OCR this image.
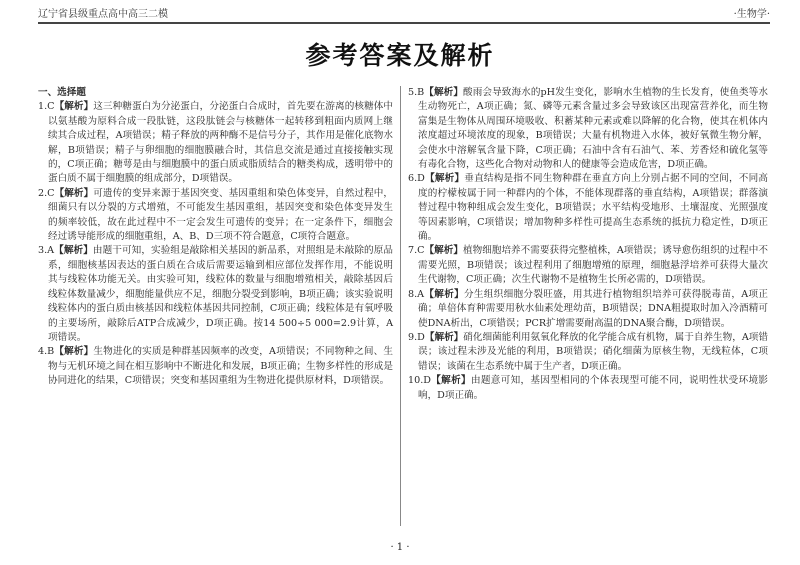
辽宁省县级重点高中高三二模	·生物学·
参考答案及解析
一、选择题

1.C【解析】这三种糖蛋白为分泌蛋白，分泌蛋白合成时，首先要在游离的核糖体中以氨基酸为原料合成一段肽链，这段肽链会与核糖体一起转移到粗面内质网上继续其合成过程，A项错误；精子释放的两种酶不是信号分子，其作用是催化底物水解，B项错误；精子与卵细胞的细胞膜融合时，其信息交流是通过直接接触实现的，C项正确；糖萼是由与细胞膜中的蛋白质或脂质结合的糖类构成，透明带中的蛋白质不属于细胞膜的组成部分，D项错误。

2.C【解析】可遗传的变异来源于基因突变、基因重组和染色体变异，自然过程中，细菌只有以分裂的方式增殖，不可能发生基因重组，基因突变和染色体变异发生的频率较低，故在此过程中不一定会发生可遗传的变异；在一定条件下，细胞会经过诱导能形成的细胞重组，A、B、D三项不符合题意，C项符合题意。

3.A【解析】由题干可知，实验组是敲除相关基因的新品系，对照组是未敲除的原品系，细胞核基因表达的蛋白质在合成后需要运输到相应部位发挥作用，不能说明其与线粒体功能无关。由实验可知，线粒体的数量与细胞增殖相关，敲除基因后线粒体数量减少，细胞能量供应不足，细胞分裂受到影响，B项正确；该实验说明线粒体内的蛋白质由核基因和线粒体基因共同控制，C项正确；线粒体是有氧呼吸的主要场所，敲除后ATP合成减少，D项正确。按14 500÷5 000=2.9计算，A项错误。

4.B【解析】生物进化的实质是种群基因频率的改变，A项错误；不同物种之间、生物与无机环境之间在相互影响中不断进化和发展，B项正确；生物多样性的形成是协同进化的结果，C项错误；突变和基因重组为生物进化提供原材料，D项错误。

5.B【解析】酸雨会导致海水的pH发生变化，影响水生植物的生长发育，使鱼类等水生动物死亡，A项正确；氮、磷等元素含量过多会导致该区出现富营养化，而生物富集是生物体从周围环境吸收、积蓄某种元素或难以降解的化合物，使其在机体内浓度超过环境浓度的现象，B项错误；大量有机物进入水体，被好氧微生物分解，会使水中溶解氧含量下降，C项正确；石油中含有石油气、苯、芳香烃和硫化氢等有毒化合物，这些化合物对动物和人的健康等会造成危害，D项正确。

6.D【解析】垂直结构是指不同生物种群在垂直方向上分别占据不同的空间，不同高度的柠檬桉属于同一种群内的个体，不能体现群落的垂直结构，A项错误；群落演替过程中物种组成会发生变化，B项错误；水平结构受地形、土壤湿度、光照强度等因素影响，C项错误；增加物种多样性可提高生态系统的抵抗力稳定性，D项正确。

7.C【解析】植物细胞培养不需要获得完整植株，A项错误；诱导愈伤组织的过程中不需要光照，B项错误；该过程利用了细胞增殖的原理，细胞悬浮培养可获得大量次生代谢物，C项正确；次生代谢物不是植物生长所必需的，D项错误。

8.A【解析】分生组织细胞分裂旺盛，用其进行植物组织培养可获得脱毒苗，A项正确；单倍体育种需要用秋水仙素处理幼苗，B项错误；DNA粗提取时加入冷酒精可使DNA析出，C项错误；PCR扩增需要耐高温的DNA聚合酶，D项错误。

9.D【解析】硝化细菌能利用氨氧化释放的化学能合成有机物，属于自养生物，A项错误；该过程未涉及光能的利用，B项错误；硝化细菌为原核生物，无线粒体，C项错误；该菌在生态系统中属于生产者，D项正确。

10.D【解析】由题意可知，基因型相同的个体表现型可能不同，说明性状受环境影响，D项正确。

· 1 ·
